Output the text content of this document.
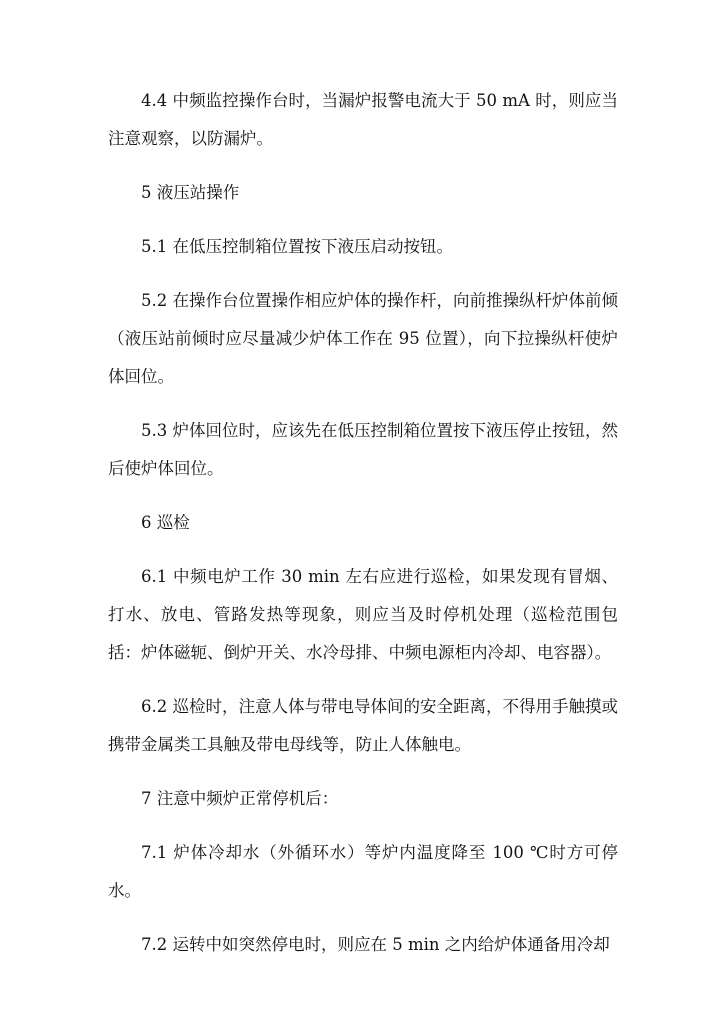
4.4 中频监控操作台时，当漏炉报警电流大于 50 mA 时，则应当注意观察，以防漏炉。

5 液压站操作

5.1 在低压控制箱位置按下液压启动按钮。

5.2 在操作台位置操作相应炉体的操作杆，向前推操纵杆炉体前倾（液压站前倾时应尽量减少炉体工作在 95 位置），向下拉操纵杆使炉体回位。

5.3 炉体回位时，应该先在低压控制箱位置按下液压停止按钮，然后使炉体回位。

6 巡检

6.1 中频电炉工作 30 min 左右应进行巡检，如果发现有冒烟、打水、放电、管路发热等现象，则应当及时停机处理（巡检范围包括：炉体磁轭、倒炉开关、水冷母排、中频电源柜内冷却、电容器）。

6.2 巡检时，注意人体与带电导体间的安全距离，不得用手触摸或携带金属类工具触及带电母线等，防止人体触电。

7 注意中频炉正常停机后：

7.1 炉体冷却水（外循环水）等炉内温度降至 100 ℃时方可停水。

7.2 运转中如突然停电时，则应在 5 min 之内给炉体通备用冷却
